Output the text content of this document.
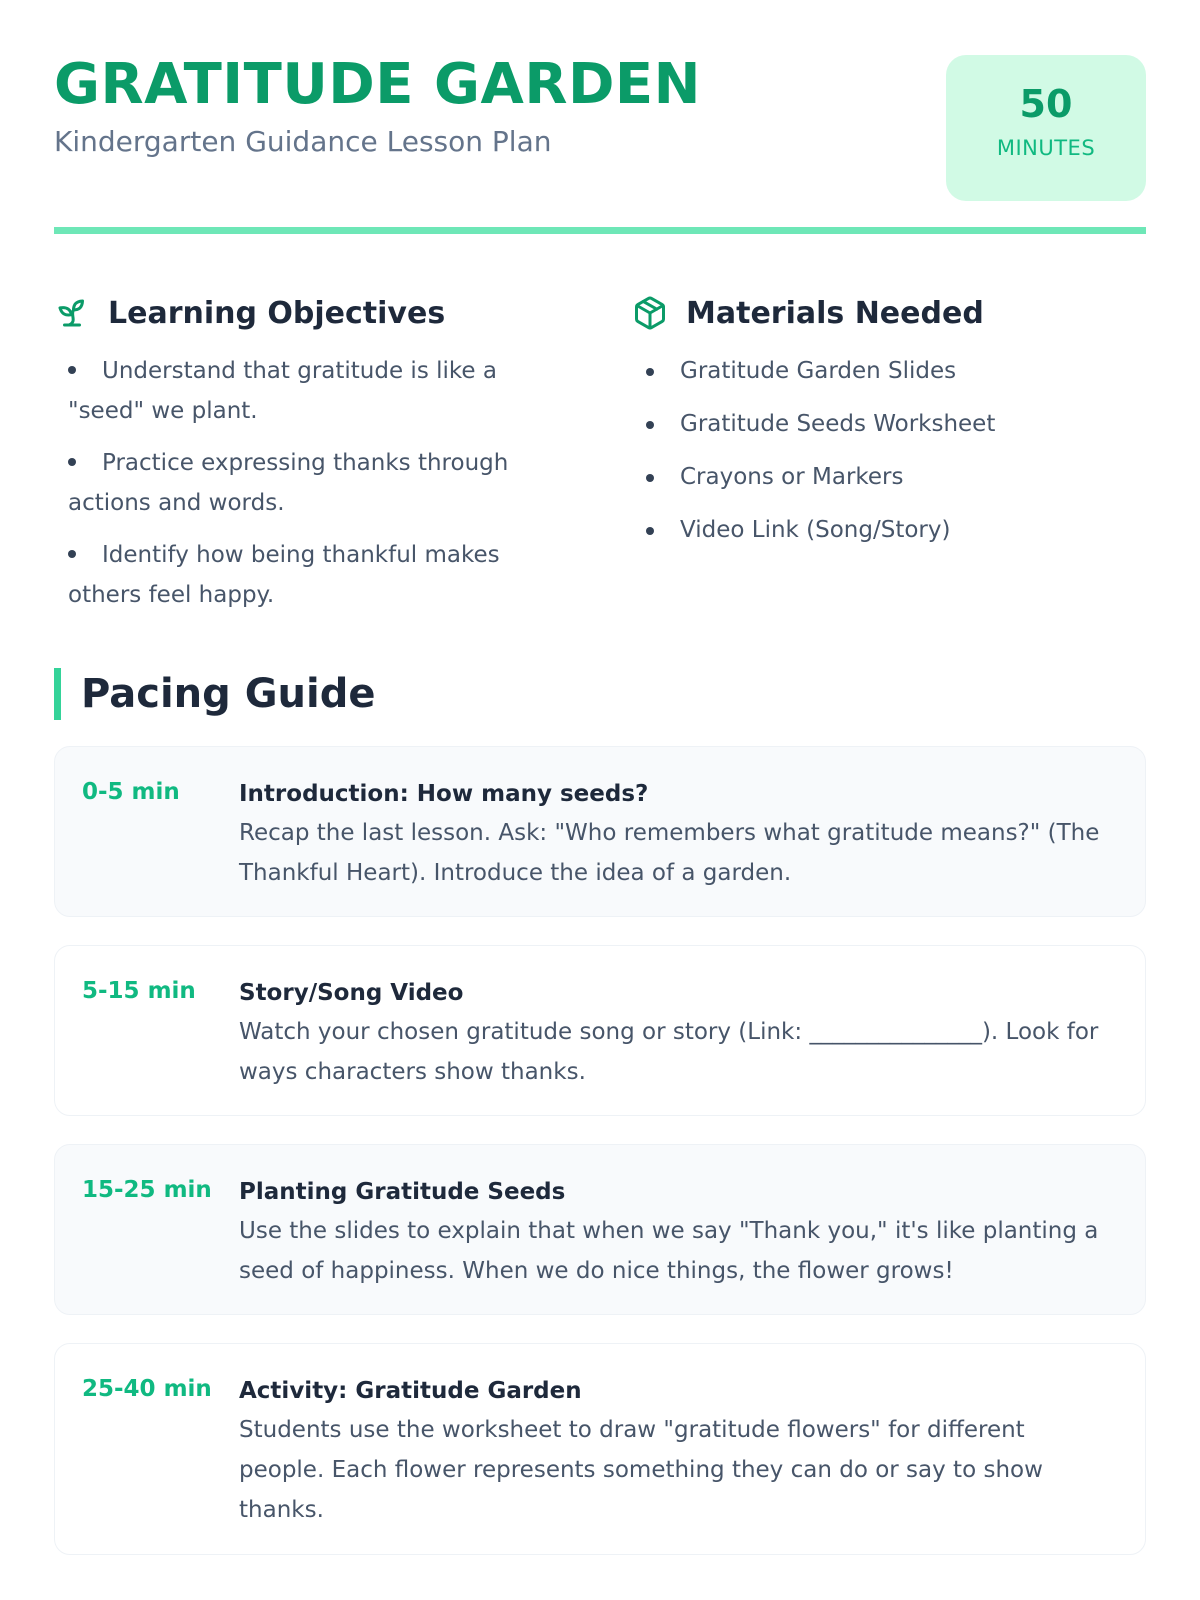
GRATITUDE GARDEN
Kindergarten Guidance Lesson Plan
50
MINUTES
Learning Objectives
Understand that gratitude is like a "seed" we plant.
Practice expressing thanks through actions and words.
Identify how being thankful makes others feel happy.
Materials Needed
Gratitude Garden Slides
Gratitude Seeds Worksheet
Crayons or Markers
Video Link (Song/Story)
Pacing Guide
0-5 min	Introduction: How many seeds?
Recap the last lesson. Ask: "Who remembers what gratitude means?" (The Thankful Heart). Introduce the idea of a garden.
5-15 min Story/Song Video
Watch your chosen gratitude song or story (Link: _______________). Look for ways characters show thanks.
15-25 min Planting Gratitude Seeds
Use the slides to explain that when we say "Thank you," it's like planting a seed of happiness. When we do nice things, the flower grows!
25-40 min Activity: Gratitude Garden
Students use the worksheet to draw "gratitude flowers" for different people. Each flower represents something they can do or say to show thanks.
